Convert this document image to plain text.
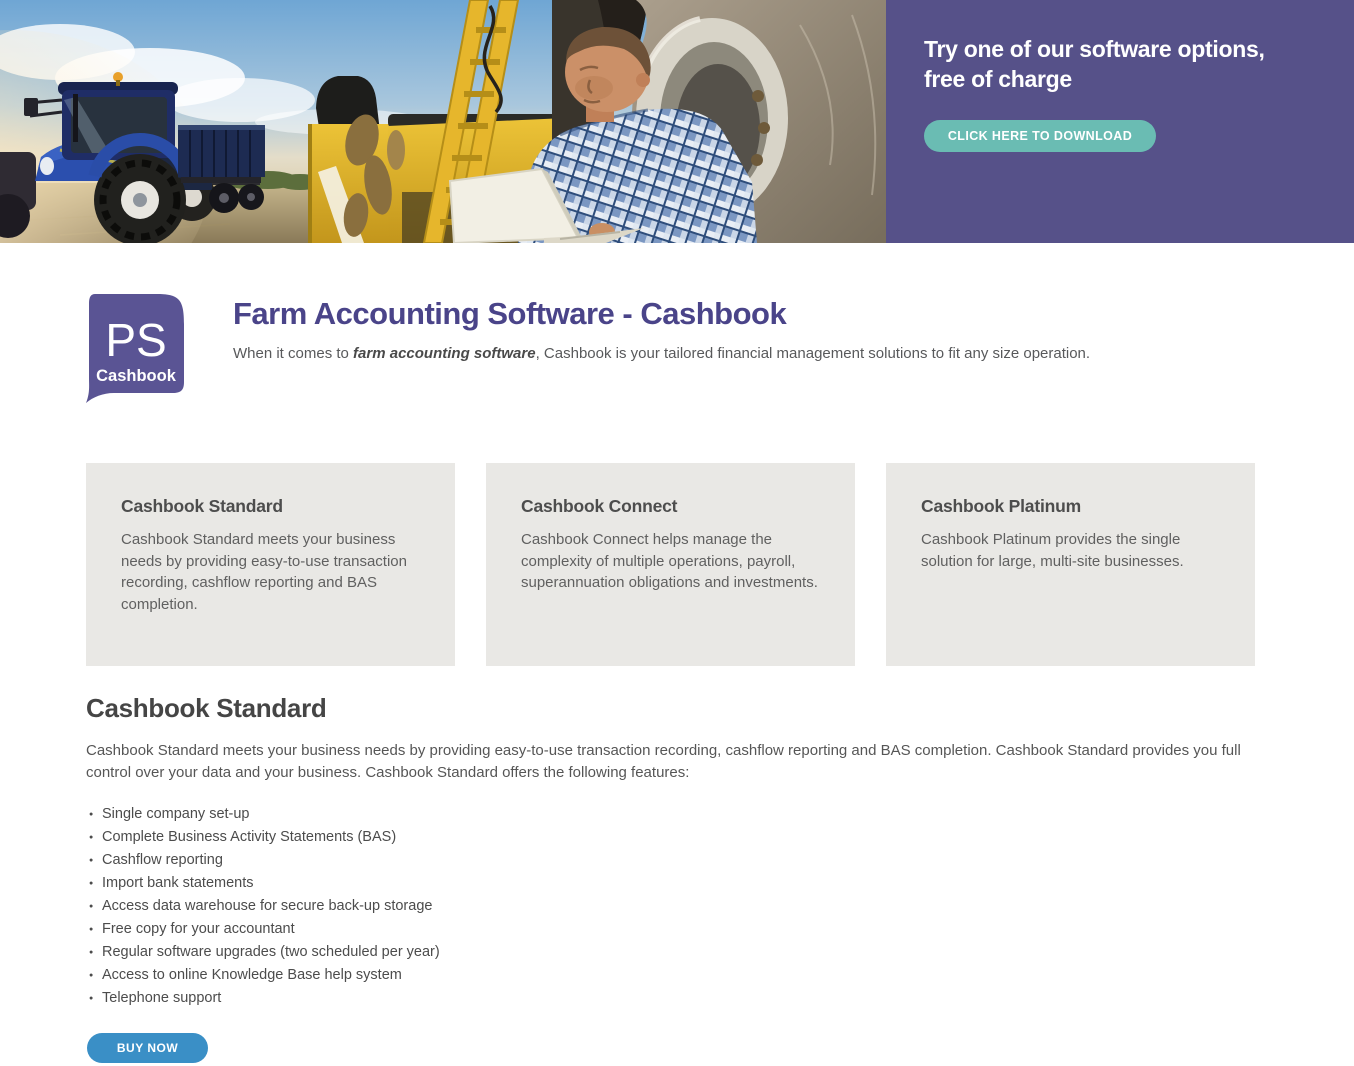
Try one of our software options,
free of charge
CLICK HERE TO DOWNLOAD
PS
Cashbook
Farm Accounting Software - Cashbook

When it comes to farm accounting software, Cashbook is your tailored financial management solutions to fit any size operation.

Cashbook Standard

Cashbook Standard meets your business needs by providing easy-to-use transaction recording, cashflow reporting and BAS completion.

Cashbook Connect

Cashbook Connect helps manage the complexity of multiple operations, payroll, superannuation obligations and investments.

Cashbook Platinum

Cashbook Platinum provides the single solution for large, multi-site businesses.

Cashbook Standard

Cashbook Standard meets your business needs by providing easy-to-use transaction recording, cashflow reporting and BAS completion. Cashbook Standard provides you full control over your data and your business. Cashbook Standard offers the following features:

● Single company set-up
● Complete Business Activity Statements (BAS)
● Cashflow reporting
● Import bank statements
● Access data warehouse for secure back-up storage
● Free copy for your accountant
● Regular software upgrades (two scheduled per year)
● Access to online Knowledge Base help system
● Telephone support
BUY NOW
